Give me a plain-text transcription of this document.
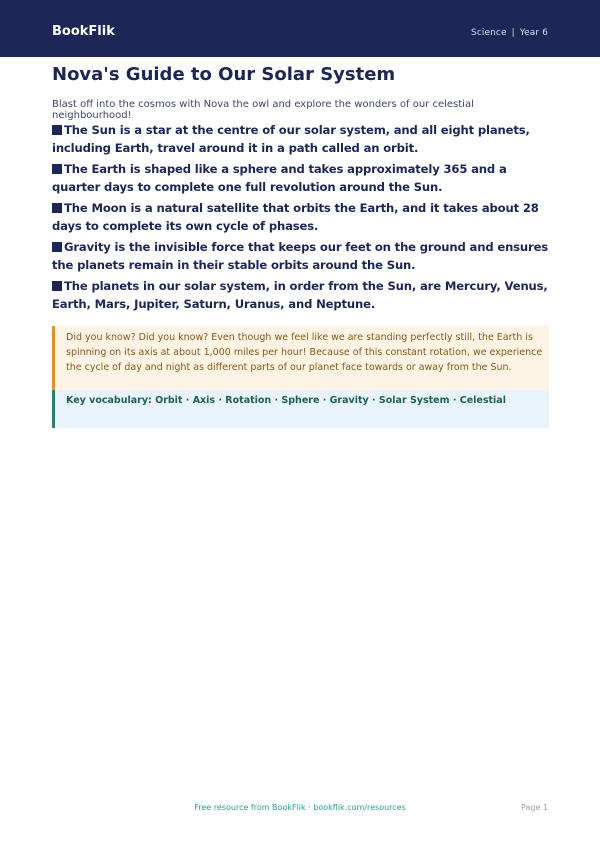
BookFlik	Science | Year 6
Nova's Guide to Our Solar System
Blast off into the cosmos with Nova the owl and explore the wonders of our celestial neighbourhood!
The Sun is a star at the centre of our solar system, and all eight planets, including Earth, travel around it in a path called an orbit.
The Earth is shaped like a sphere and takes approximately 365 and a quarter days to complete one full revolution around the Sun.
The Moon is a natural satellite that orbits the Earth, and it takes about 28 days to complete its own cycle of phases.
Gravity is the invisible force that keeps our feet on the ground and ensures the planets remain in their stable orbits around the Sun.
The planets in our solar system, in order from the Sun, are Mercury, Venus, Earth, Mars, Jupiter, Saturn, Uranus, and Neptune.
Did you know? Did you know? Even though we feel like we are standing perfectly still, the Earth is spinning on its axis at about 1,000 miles per hour! Because of this constant rotation, we experience the cycle of day and night as different parts of our planet face towards or away from the Sun.
Key vocabulary: Orbit · Axis · Rotation · Sphere · Gravity · Solar System · Celestial
Free resource from BookFlik · bookflik.com/resources	Page 1
